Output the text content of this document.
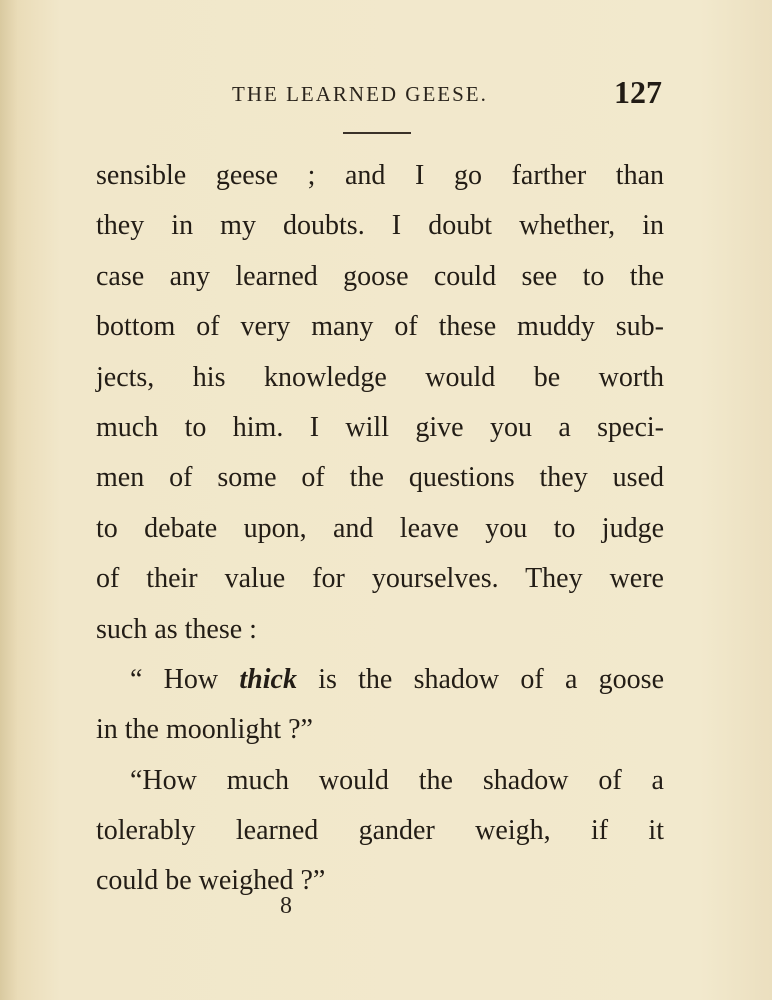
THE LEARNED GEESE.	127
sensible geese ; and I go farther than
they in my doubts. I doubt whether, in
case any learned goose could see to the
bottom of very many of these muddy sub-
jects, his knowledge would be worth
much to him. I will give you a speci-
men of some of the questions they used
to debate upon, and leave you to judge
of their value for yourselves. They were
such as these :
“ How thick is the shadow of a goose
in the moonlight ?”
“How much would the shadow of a
tolerably learned gander weigh, if it
could be weighed ?”
8
